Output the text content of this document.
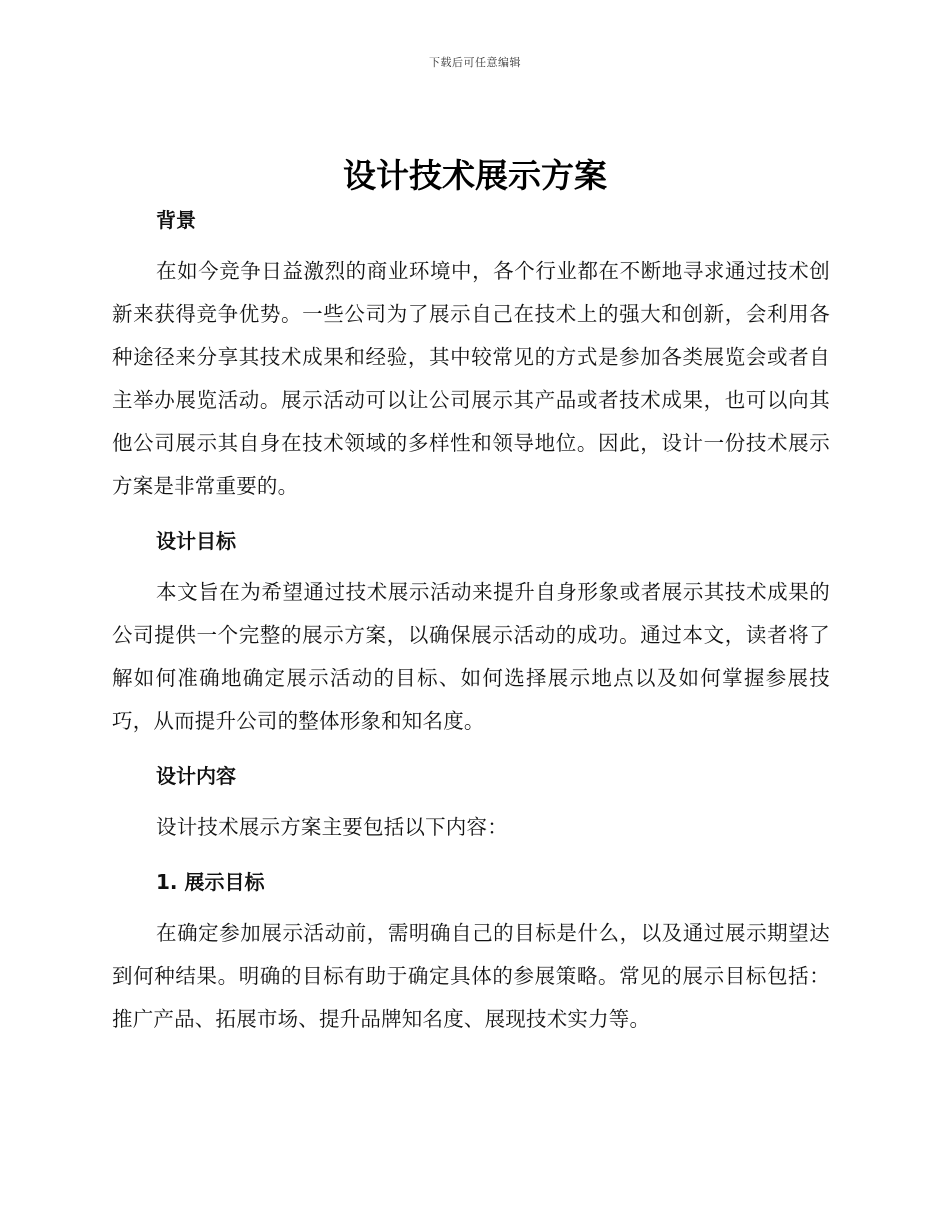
下载后可任意编辑
设计技术展示方案

背景

在如今竞争日益激烈的商业环境中，各个行业都在不断地寻求通过技术创新来获得竞争优势。一些公司为了展示自己在技术上的强大和创新，会利用各种途径来分享其技术成果和经验，其中较常见的方式是参加各类展览会或者自主举办展览活动。展示活动可以让公司展示其产品或者技术成果，也可以向其他公司展示其自身在技术领域的多样性和领导地位。因此，设计一份技术展示方案是非常重要的。

设计目标

本文旨在为希望通过技术展示活动来提升自身形象或者展示其技术成果的公司提供一个完整的展示方案，以确保展示活动的成功。通过本文，读者将了解如何准确地确定展示活动的目标、如何选择展示地点以及如何掌握参展技巧，从而提升公司的整体形象和知名度。

设计内容

设计技术展示方案主要包括以下内容：

1. 展示目标

在确定参加展示活动前，需明确自己的目标是什么，以及通过展示期望达到何种结果。明确的目标有助于确定具体的参展策略。常见的展示目标包括：推广产品、拓展市场、提升品牌知名度、展现技术实力等。
